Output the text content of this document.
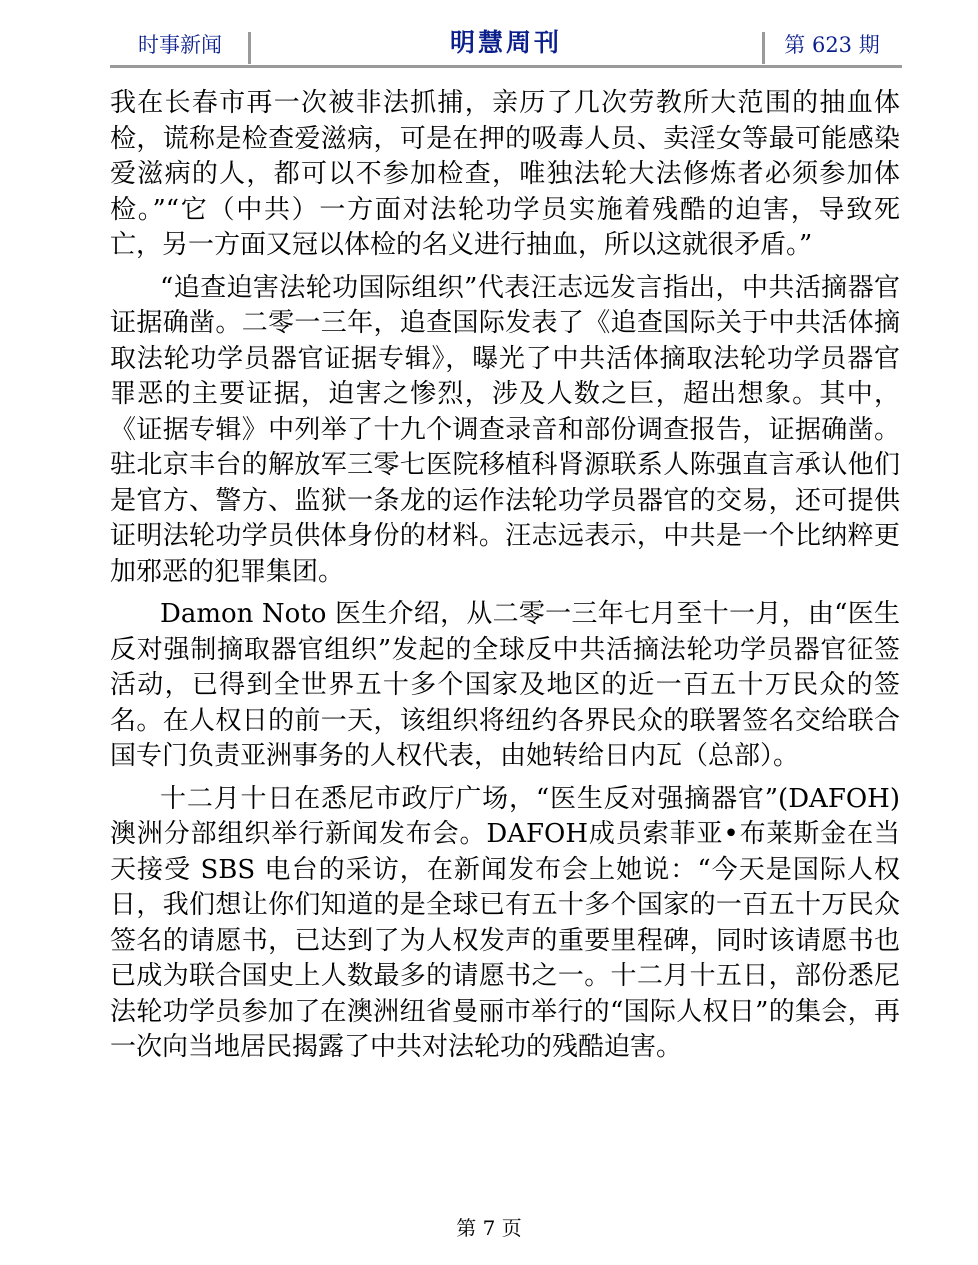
时事新闻	明慧周刊	第 623 期

我在长春市再一次被非法抓捕，亲历了几次劳教所大范围的抽血体检，谎称是检查爱滋病，可是在押的吸毒人员、卖淫女等最可能感染爱滋病的人，都可以不参加检查，唯独法轮大法修炼者必须参加体检。”“它（中共）一方面对法轮功学员实施着残酷的迫害，导致死亡，另一方面又冠以体检的名义进行抽血，所以这就很矛盾。”

“追查迫害法轮功国际组织”代表汪志远发言指出，中共活摘器官证据确凿。二零一三年，追查国际发表了《追查国际关于中共活体摘取法轮功学员器官证据专辑》，曝光了中共活体摘取法轮功学员器官罪恶的主要证据，迫害之惨烈，涉及人数之巨，超出想象。其中，《证据专辑》中列举了十九个调查录音和部份调查报告，证据确凿。驻北京丰台的解放军三零七医院移植科肾源联系人陈强直言承认他们是官方、警方、监狱一条龙的运作法轮功学员器官的交易，还可提供证明法轮功学员供体身份的材料。汪志远表示，中共是一个比纳粹更加邪恶的犯罪集团。

Damon Noto 医生介绍，从二零一三年七月至十一月，由“医生反对强制摘取器官组织”发起的全球反中共活摘法轮功学员器官征签活动，已得到全世界五十多个国家及地区的近一百五十万民众的签名。在人权日的前一天，该组织将纽约各界民众的联署签名交给联合国专门负责亚洲事务的人权代表，由她转给日内瓦（总部）。

十二月十日在悉尼市政厅广场，“医生反对强摘器官”(DAFOH)澳洲分部组织举行新闻发布会。DAFOH成员索菲亚•布莱斯金在当天接受 SBS 电台的采访，在新闻发布会上她说：“今天是国际人权日，我们想让你们知道的是全球已有五十多个国家的一百五十万民众签名的请愿书，已达到了为人权发声的重要里程碑，同时该请愿书也已成为联合国史上人数最多的请愿书之一。十二月十五日，部份悉尼法轮功学员参加了在澳洲纽省曼丽市举行的“国际人权日”的集会，再一次向当地居民揭露了中共对法轮功的残酷迫害。

第 7 页
